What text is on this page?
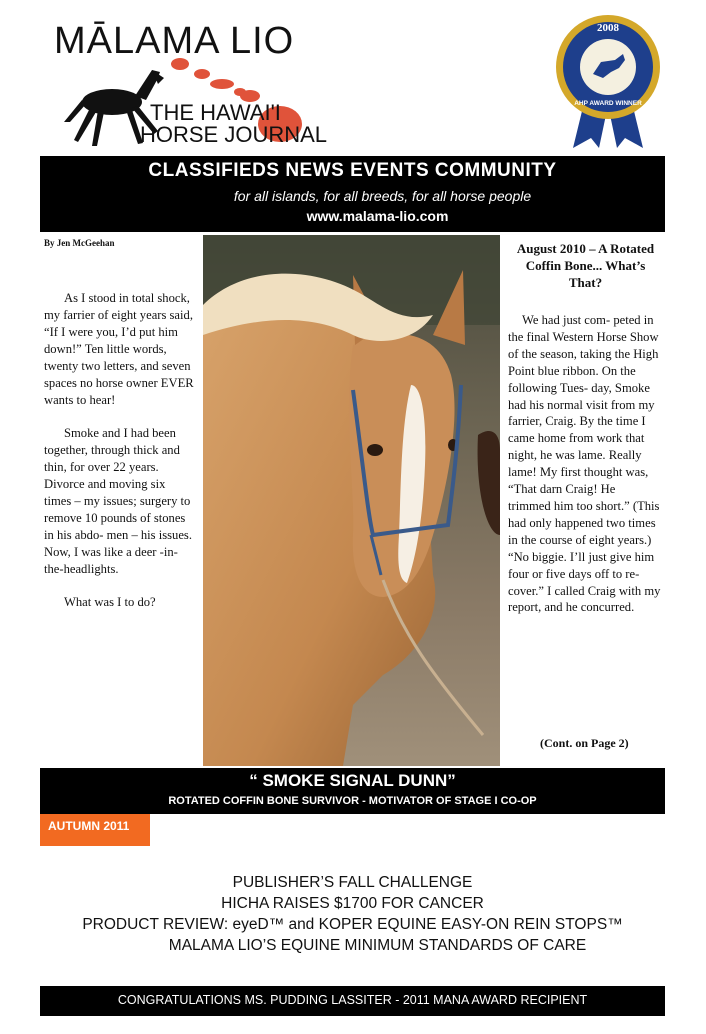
MĀLAMA LIO
THE HAWAI'I
HORSE JOURNAL
2008
AHP AWARD WINNER
CLASSIFIEDS NEWS EVENTS COMMUNITY
for all islands, for all breeds, for all horse people
www.malama-lio.com
By Jen McGeehan

As I stood in total shock, my farrier of eight years said, “If I were you, I’d put him down!” Ten little words, twenty two letters, and seven spaces no horse owner EVER wants to hear!

Smoke and I had been together, through thick and thin, for over 22 years. Divorce and moving six times – my issues; surgery to remove 10 pounds of stones in his abdo- men – his issues. Now, I was like a deer -in-the-headlights.

What was I to do?

August 2010 – A Rotated Coffin Bone... What’s That?

We had just com- peted in the final Western Horse Show of the season, taking the High Point blue ribbon. On the following Tues- day, Smoke had his normal visit from my farrier, Craig. By the time I came home from work that night, he was lame. Really lame! My first thought was, “That darn Craig! He trimmed him too short.” (This had only happened two times in the course of eight years.) “No biggie. I’ll just give him four or five days off to re- cover.” I called Craig with my report, and he concurred.

(Cont. on Page 2)
“ SMOKE SIGNAL DUNN”
ROTATED COFFIN BONE SURVIVOR - MOTIVATOR OF STAGE I CO-OP
AUTUMN 2011
PUBLISHER’S FALL CHALLENGE
HICHA RAISES $1700 FOR CANCER
PRODUCT REVIEW: eyeD™ and KOPER EQUINE EASY-ON REIN STOPS™
MALAMA LIO’S EQUINE MINIMUM STANDARDS OF CARE
CONGRATULATIONS MS. PUDDING LASSITER - 2011 MANA AWARD RECIPIENT
